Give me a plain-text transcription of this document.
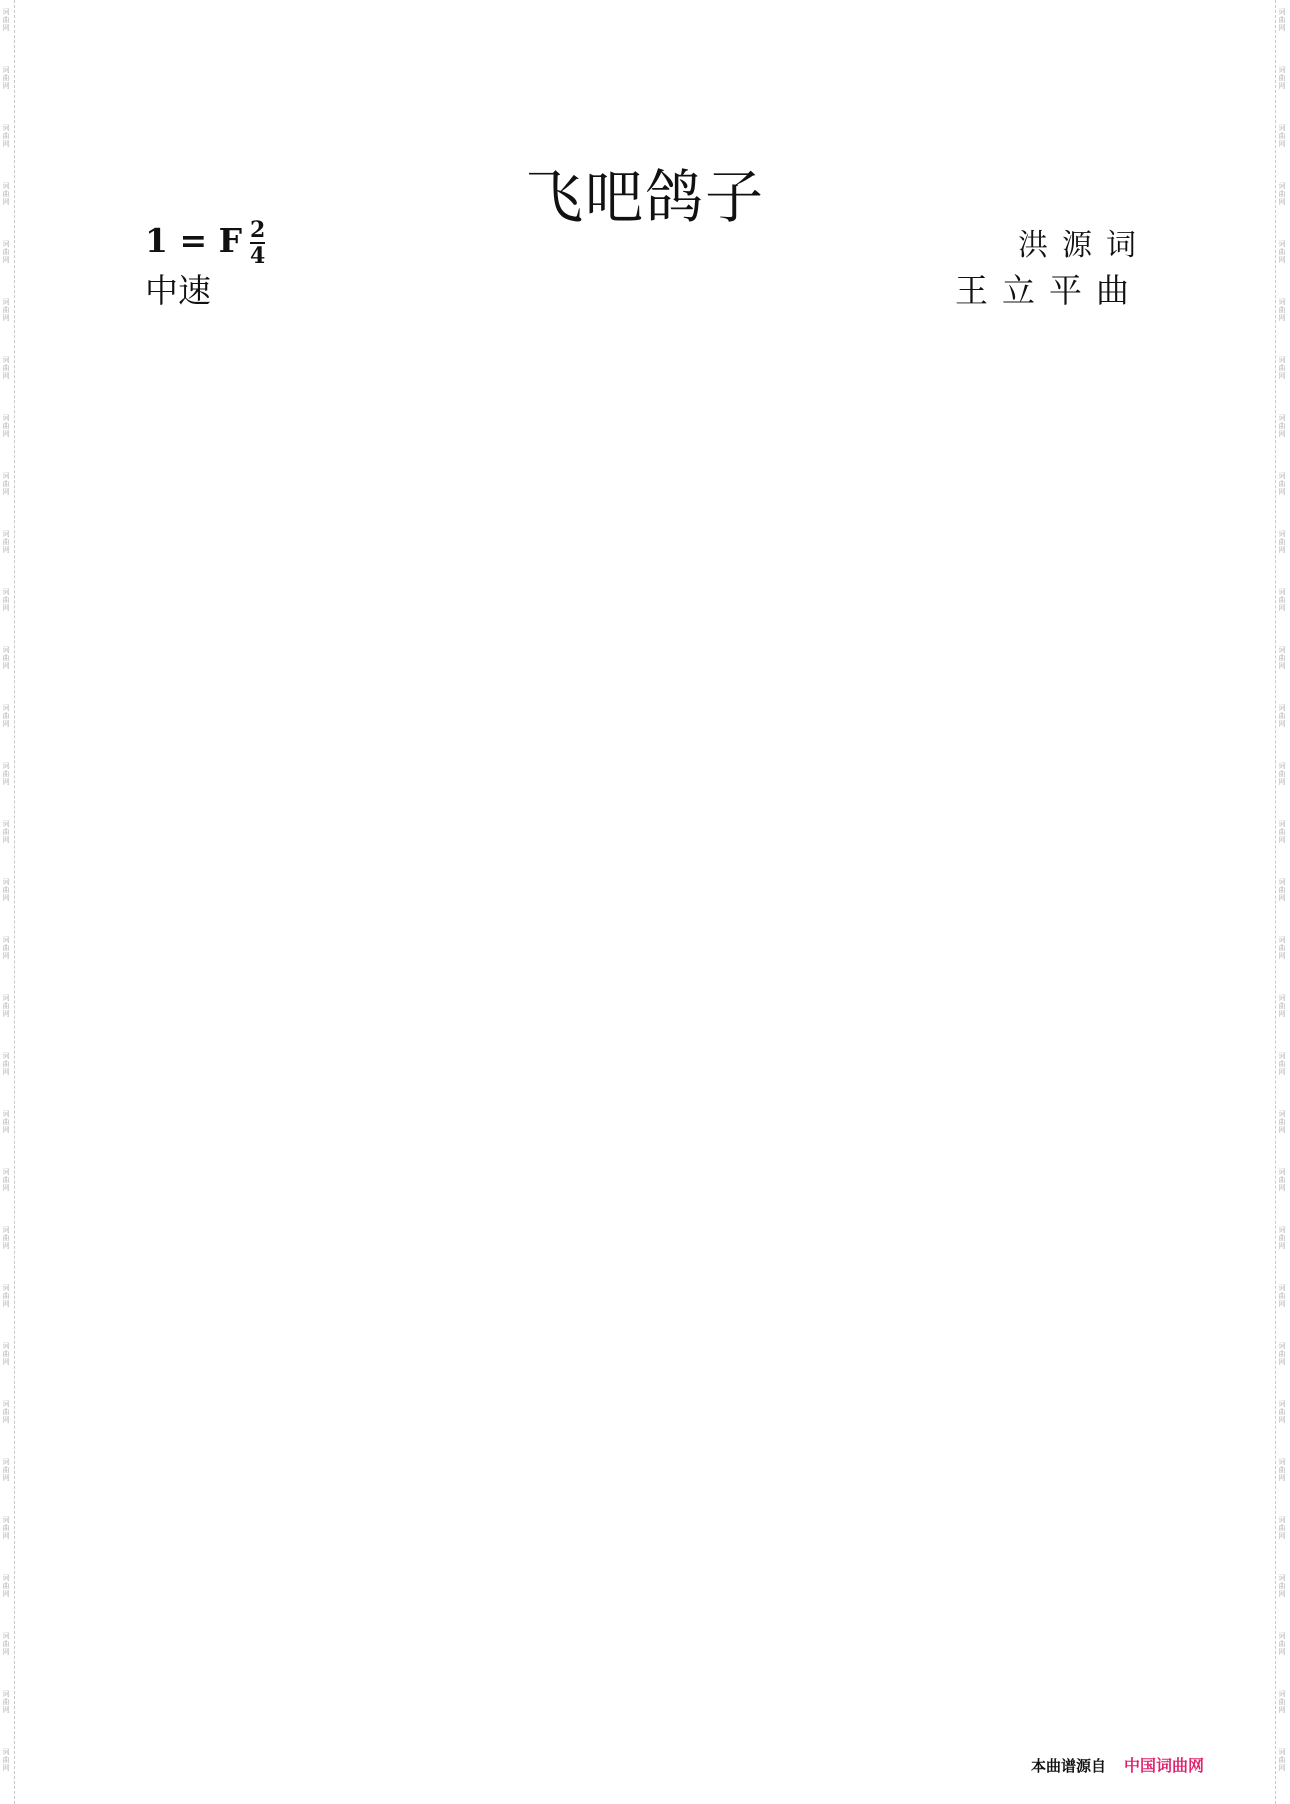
词曲网
词曲网
词曲网
词曲网
词曲网
词曲网
词曲网
词曲网
词曲网
词曲网
词曲网
词曲网
词曲网
词曲网
词曲网
词曲网
词曲网
词曲网
词曲网
词曲网
词曲网
词曲网
词曲网
词曲网
词曲网
词曲网
词曲网
词曲网
词曲网
词曲网
词曲网
词曲网
词曲网
词曲网
词曲网
词曲网
词曲网
词曲网
词曲网
词曲网
词曲网
词曲网
词曲网
词曲网
词曲网
词曲网
词曲网
词曲网
词曲网
词曲网
词曲网
词曲网
词曲网
词曲网
词曲网
词曲网
词曲网
词曲网
词曲网
词曲网
词曲网
词曲网
飞吧鸽子
1 = F $\frac{2}{4}$
中速
洪源词
王立平曲
本曲谱源自 中国词曲网
